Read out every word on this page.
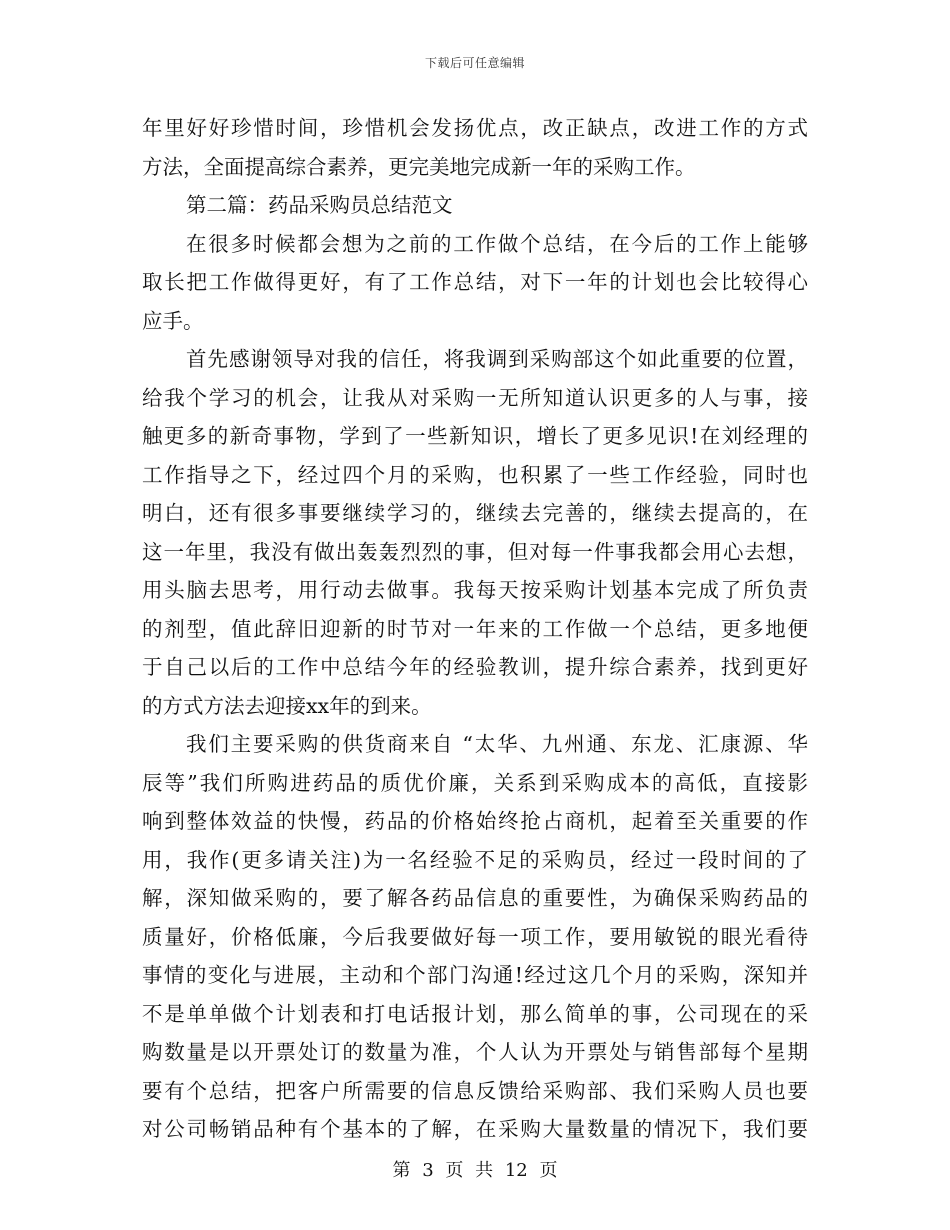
下载后可任意编辑
年里好好珍惜时间，珍惜机会发扬优点，改正缺点，改进工作的方式
方法，全面提高综合素养，更完美地完成新一年的采购工作。
第二篇：药品采购员总结范文
在很多时候都会想为之前的工作做个总结，在今后的工作上能够
取长把工作做得更好，有了工作总结，对下一年的计划也会比较得心
应手。
首先感谢领导对我的信任，将我调到采购部这个如此重要的位置，
给我个学习的机会，让我从对采购一无所知道认识更多的人与事，接
触更多的新奇事物，学到了一些新知识，增长了更多见识!在刘经理的
工作指导之下，经过四个月的采购，也积累了一些工作经验，同时也
明白，还有很多事要继续学习的，继续去完善的，继续去提高的，在
这一年里，我没有做出轰轰烈烈的事，但对每一件事我都会用心去想，
用头脑去思考，用行动去做事。我每天按采购计划基本完成了所负责
的剂型，值此辞旧迎新的时节对一年来的工作做一个总结，更多地便
于自己以后的工作中总结今年的经验教训，提升综合素养，找到更好
的方式方法去迎接xx年的到来。
我们主要采购的供货商来自 “太华、九州通、东龙、汇康源、华
辰等”我们所购进药品的质优价廉，关系到采购成本的高低，直接影
响到整体效益的快慢，药品的价格始终抢占商机，起着至关重要的作
用，我作(更多请关注)为一名经验不足的采购员，经过一段时间的了
解，深知做采购的，要了解各药品信息的重要性，为确保采购药品的
质量好，价格低廉，今后我要做好每一项工作，要用敏锐的眼光看待
事情的变化与进展，主动和个部门沟通!经过这几个月的采购，深知并
不是单单做个计划表和打电话报计划，那么简单的事，公司现在的采
购数量是以开票处订的数量为准，个人认为开票处与销售部每个星期
要有个总结，把客户所需要的信息反馈给采购部、我们采购人员也要
对公司畅销品种有个基本的了解，在采购大量数量的情况下，我们要
第 3 页 共 12 页
